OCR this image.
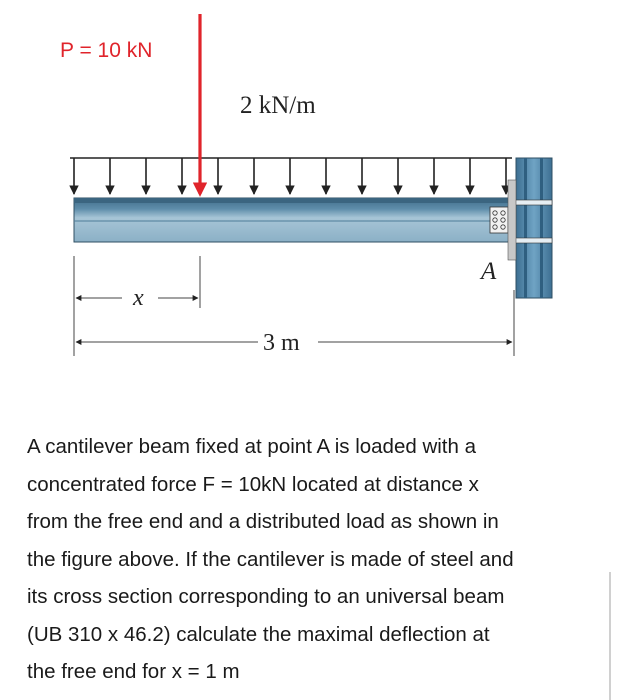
P = 10 kN
2 kN/m
A
x
3 m

A cantilever beam fixed at point A is loaded with a
concentrated force F = 10kN located at distance x
from the free end and a distributed load as shown in
the figure above. If the cantilever is made of steel and
its cross section corresponding to an universal beam
(UB 310 x 46.2) calculate the maximal deflection at
the free end for x = 1 m
